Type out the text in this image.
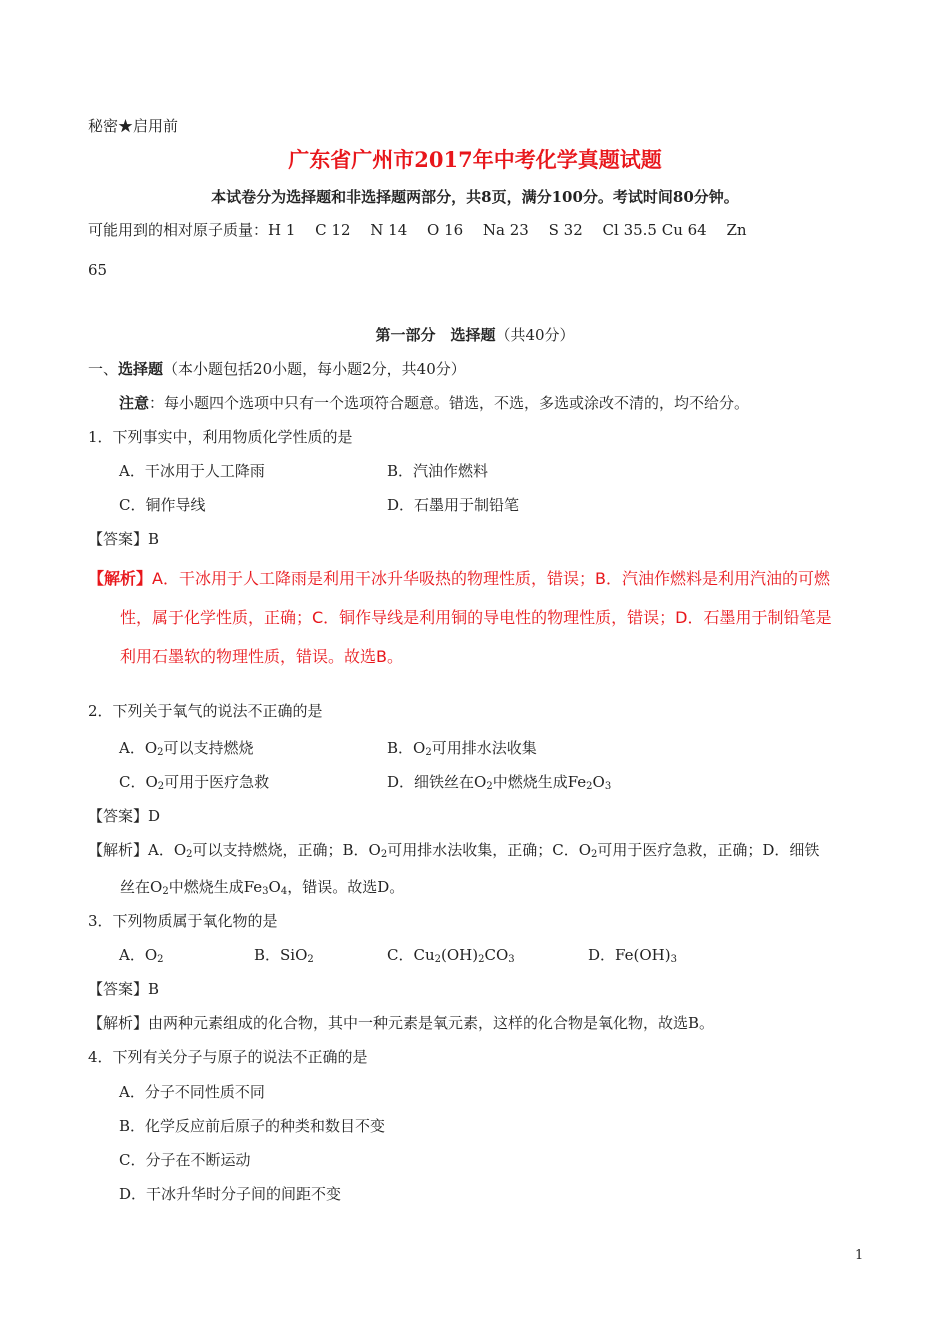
秘密★启用前
广东省广州市2017年中考化学真题试题
本试卷分为选择题和非选择题两部分，共8页，满分100分。考试时间80分钟。
可能用到的相对原子质量：H 1　 C 12　 N 14　 O 16　 Na 23　 S 32　 Cl 35.5 Cu 64　 Zn
65
第一部分　选择题（共40分）
一、选择题（本小题包括20小题，每小题2分，共40分）
注意：每小题四个选项中只有一个选项符合题意。错选，不选，多选或涂改不清的，均不给分。
1．下列事实中，利用物质化学性质的是
A．干冰用于人工降雨	B．汽油作燃料
C．铜作导线	D．石墨用于制铅笔
【答案】B
【解析】A．干冰用于人工降雨是利用干冰升华吸热的物理性质，错误；B．汽油作燃料是利用汽油的可燃
性，属于化学性质，正确；C．铜作导线是利用铜的导电性的物理性质，错误；D．石墨用于制铅笔是
利用石墨软的物理性质，错误。故选B。
2．下列关于氧气的说法不正确的是
A．$O_2$可以支持燃烧	B．$O_2$可用排水法收集
C．$O_2$可用于医疗急救	D．细铁丝在$O_2$中燃烧生成$Fe_2O_3$
【答案】D
【解析】A．$O_2$可以支持燃烧，正确；B．$O_2$可用排水法收集，正确；C．$O_2$可用于医疗急救，正确；D．细铁
丝在$O_2$中燃烧生成$Fe_3O_4$，错误。故选D。
3．下列物质属于氧化物的是
A．$O_2$	B．SiO$_2$	C．$Cu_2(OH)_2CO_3$	D．$Fe(OH)_3$
【答案】B
【解析】由两种元素组成的化合物，其中一种元素是氧元素，这样的化合物是氧化物，故选B。
4．下列有关分子与原子的说法不正确的是
A．分子不同性质不同
B．化学反应前后原子的种类和数目不变
C．分子在不断运动
D．干冰升华时分子间的间距不变
1
